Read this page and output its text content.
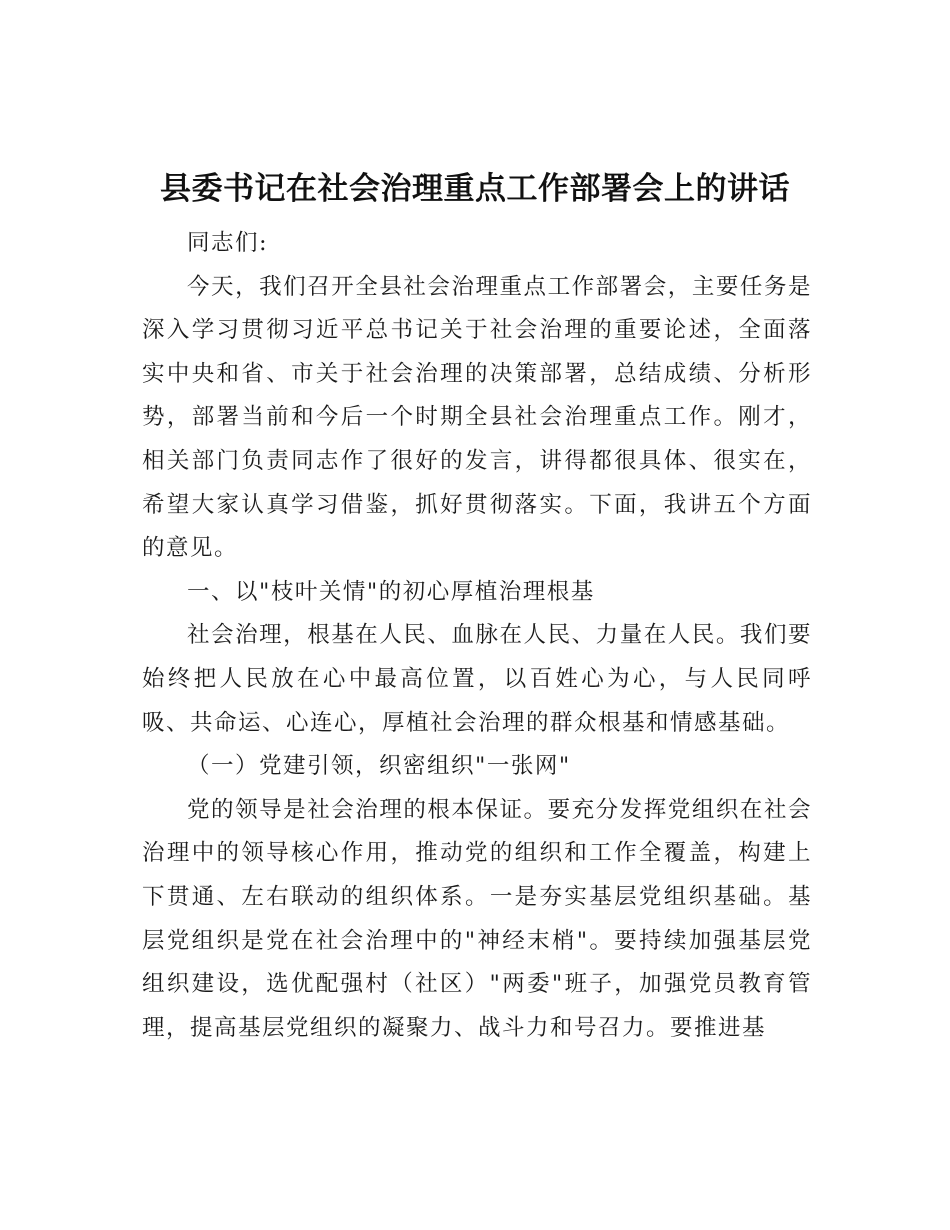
县委书记在社会治理重点工作部署会上的讲话

同志们:

今天，我们召开全县社会治理重点工作部署会，主要任务是深入学习贯彻习近平总书记关于社会治理的重要论述，全面落实中央和省、市关于社会治理的决策部署，总结成绩、分析形势，部署当前和今后一个时期全县社会治理重点工作。刚才，相关部门负责同志作了很好的发言，讲得都很具体、很实在，希望大家认真学习借鉴，抓好贯彻落实。下面，我讲五个方面的意见。

一、以"枝叶关情"的初心厚植治理根基

社会治理，根基在人民、血脉在人民、力量在人民。我们要始终把人民放在心中最高位置，以百姓心为心，与人民同呼吸、共命运、心连心，厚植社会治理的群众根基和情感基础。

（一）党建引领，织密组织"一张网"

党的领导是社会治理的根本保证。要充分发挥党组织在社会治理中的领导核心作用，推动党的组织和工作全覆盖，构建上下贯通、左右联动的组织体系。一是夯实基层党组织基础。基层党组织是党在社会治理中的"神经末梢"。要持续加强基层党组织建设，选优配强村（社区）"两委"班子，加强党员教育管理，提高基层党组织的凝聚力、战斗力和号召力。要推进基
